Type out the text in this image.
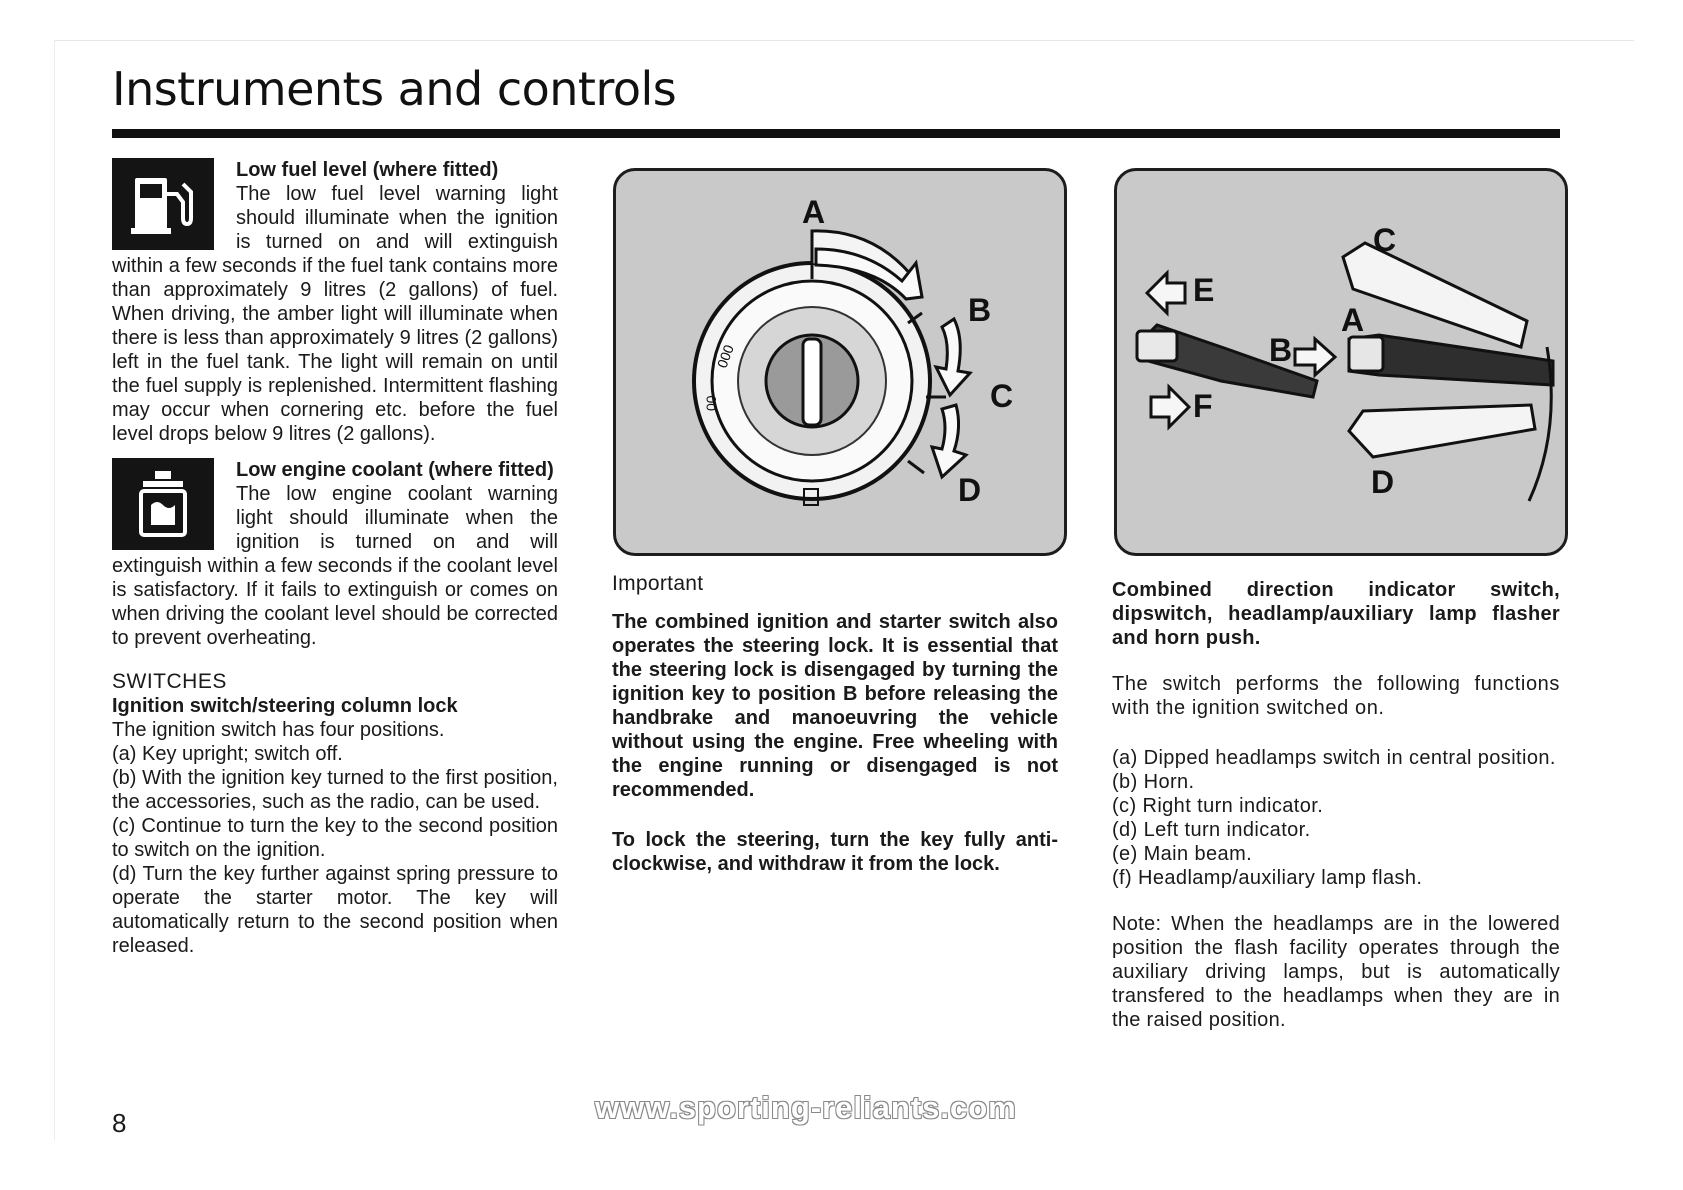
Instruments and controls
Low fuel level (where fitted)

The low fuel level warning light should illuminate when the ignition is turned on and will extinguish within a few seconds if the fuel tank contains more than approximately 9 litres (2 gallons) of fuel. When driving, the amber light will illuminate when there is less than approximately 9 litres (2 gallons) left in the fuel tank. The light will remain on until the fuel supply is replenished. Intermittent flashing may occur when cornering etc. before the fuel level drops below 9 litres (2 gallons).

Low engine coolant (where fitted)

The low engine coolant warning light should illuminate when the ignition is turned on and will extinguish within a few seconds if the coolant level is satisfactory. If it fails to extinguish or comes on when driving the coolant level should be corrected to prevent overheating.

SWITCHES
Ignition switch/steering column lock
The ignition switch has four positions.
(a) Key upright; switch off.
(b) With the ignition key turned to the first position, the accessories, such as the radio, can be used.
(c) Continue to turn the key to the second position to switch on the ignition.
(d) Turn the key further against spring pressure to operate the starter motor. The key will automatically return to the second position when released.
000
00
A
B
C
D
E
F
B
A
C
D
Important

The combined ignition and starter switch also operates the steering lock. It is essential that the steering lock is disengaged by turning the ignition key to position B before releasing the handbrake and manoeuvring the vehicle without using the engine. Free wheeling with the engine running or disengaged is not recommended.

To lock the steering, turn the key fully anti-clockwise, and withdraw it from the lock.

Combined direction indicator switch, dipswitch, headlamp/auxiliary lamp flasher and horn push.

The switch performs the following functions with the ignition switched on.

(a) Dipped headlamps switch in central position.
(b) Horn.
(c) Right turn indicator.
(d) Left turn indicator.
(e) Main beam.
(f) Headlamp/auxiliary lamp flash.

Note: When the headlamps are in the lowered position the flash facility operates through the auxiliary driving lamps, but is automatically transfered to the headlamps when they are in the raised position.

8	www.sporting-reliants.com
